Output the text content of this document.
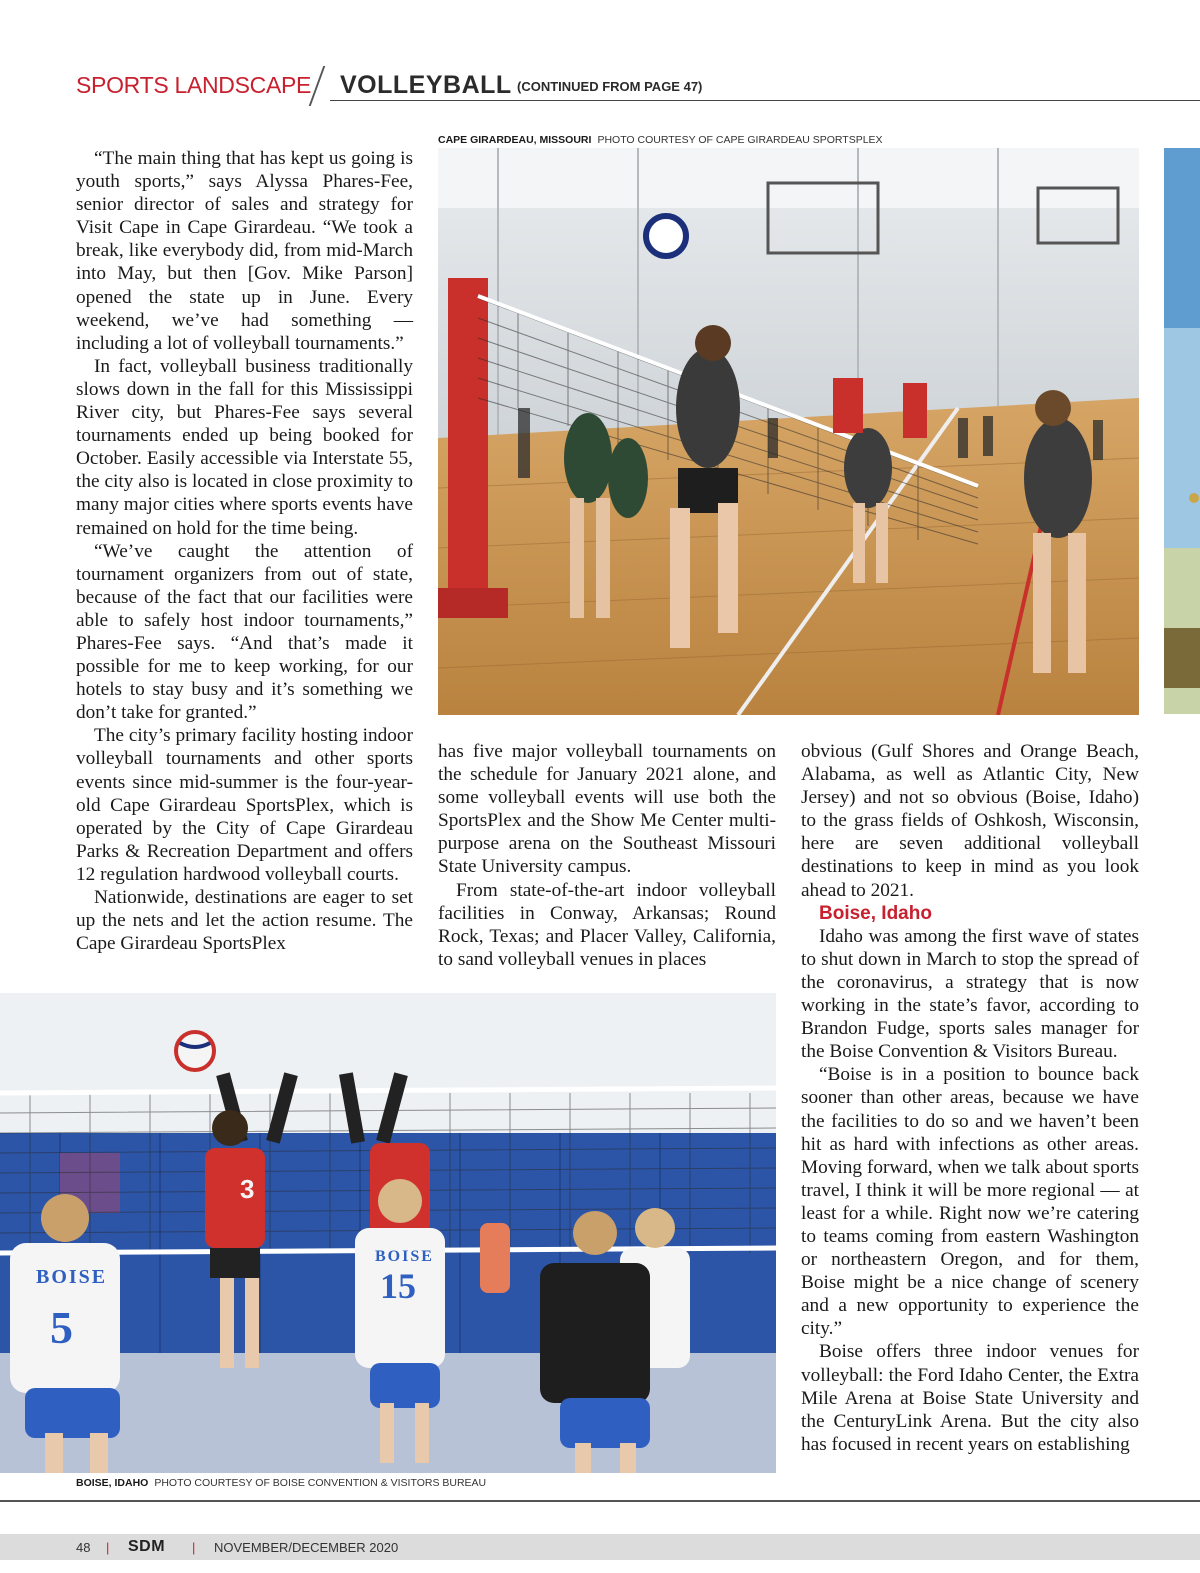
SPORTS LANDSCAPE VOLLEYBALL (CONTINUED FROM PAGE 47)
CAPE GIRARDEAU, MISSOURI PHOTO COURTESY OF CAPE GIRARDEAU SPORTSPLEX

“The main thing that has kept us going is youth sports,” says Alyssa Phares-Fee, senior director of sales and strategy for Visit Cape in Cape Girardeau. “We took a break, like everybody did, from mid-March into May, but then [Gov. Mike Parson] opened the state up in June. Every weekend, we’ve had something — including a lot of volleyball tournaments.”

In fact, volleyball business traditionally slows down in the fall for this Mississippi River city, but Phares-Fee says several tournaments ended up being booked for October. Easily accessible via Interstate 55, the city also is located in close proximity to many major cities where sports events have remained on hold for the time being.

“We’ve caught the attention of tournament organizers from out of state, because of the fact that our facilities were able to safely host indoor tournaments,” Phares-Fee says. “And that’s made it possible for me to keep working, for our hotels to stay busy and it’s something we don’t take for granted.”

The city’s primary facility hosting indoor volleyball tournaments and other sports events since mid-summer is the four-year-old Cape Girardeau SportsPlex, which is operated by the City of Cape Girardeau Parks & Recreation Department and offers 12 regulation hardwood volleyball courts.

Nationwide, destinations are eager to set up the nets and let the action resume. The Cape Girardeau SportsPlex

has five major volleyball tournaments on the schedule for January 2021 alone, and some volleyball events will use both the SportsPlex and the Show Me Center multi-purpose arena on the Southeast Missouri State University campus.

From state-of-the-art indoor volleyball facilities in Conway, Arkansas; Round Rock, Texas; and Placer Valley, California, to sand volleyball venues in places

obvious (Gulf Shores and Orange Beach, Alabama, as well as Atlantic City, New Jersey) and not so obvious (Boise, Idaho) to the grass fields of Oshkosh, Wisconsin, here are seven additional volleyball destinations to keep in mind as you look ahead to 2021.

Boise, Idaho

Idaho was among the first wave of states to shut down in March to stop the spread of the coronavirus, a strategy that is now working in the state’s favor, according to Brandon Fudge, sports sales manager for the Boise Convention & Visitors Bureau.

“Boise is in a position to bounce back sooner than other areas, because we have the facilities to do so and we haven’t been hit as hard with infections as other areas. Moving forward, when we talk about sports travel, I think it will be more regional — at least for a while. Right now we’re catering to teams coming from eastern Washington or northeastern Oregon, and for them, Boise might be a nice change of scenery and a new opportunity to experience the city.”

Boise offers three indoor venues for volleyball: the Ford Idaho Center, the Extra Mile Arena at Boise State University and the CenturyLink Arena. But the city also has focused in recent years on establishing

BOISE
5
BOISE
15
3
BOISE, IDAHO PHOTO COURTESY OF BOISE CONVENTION & VISITORS BUREAU
48 | SDM | NOVEMBER/DECEMBER 2020
